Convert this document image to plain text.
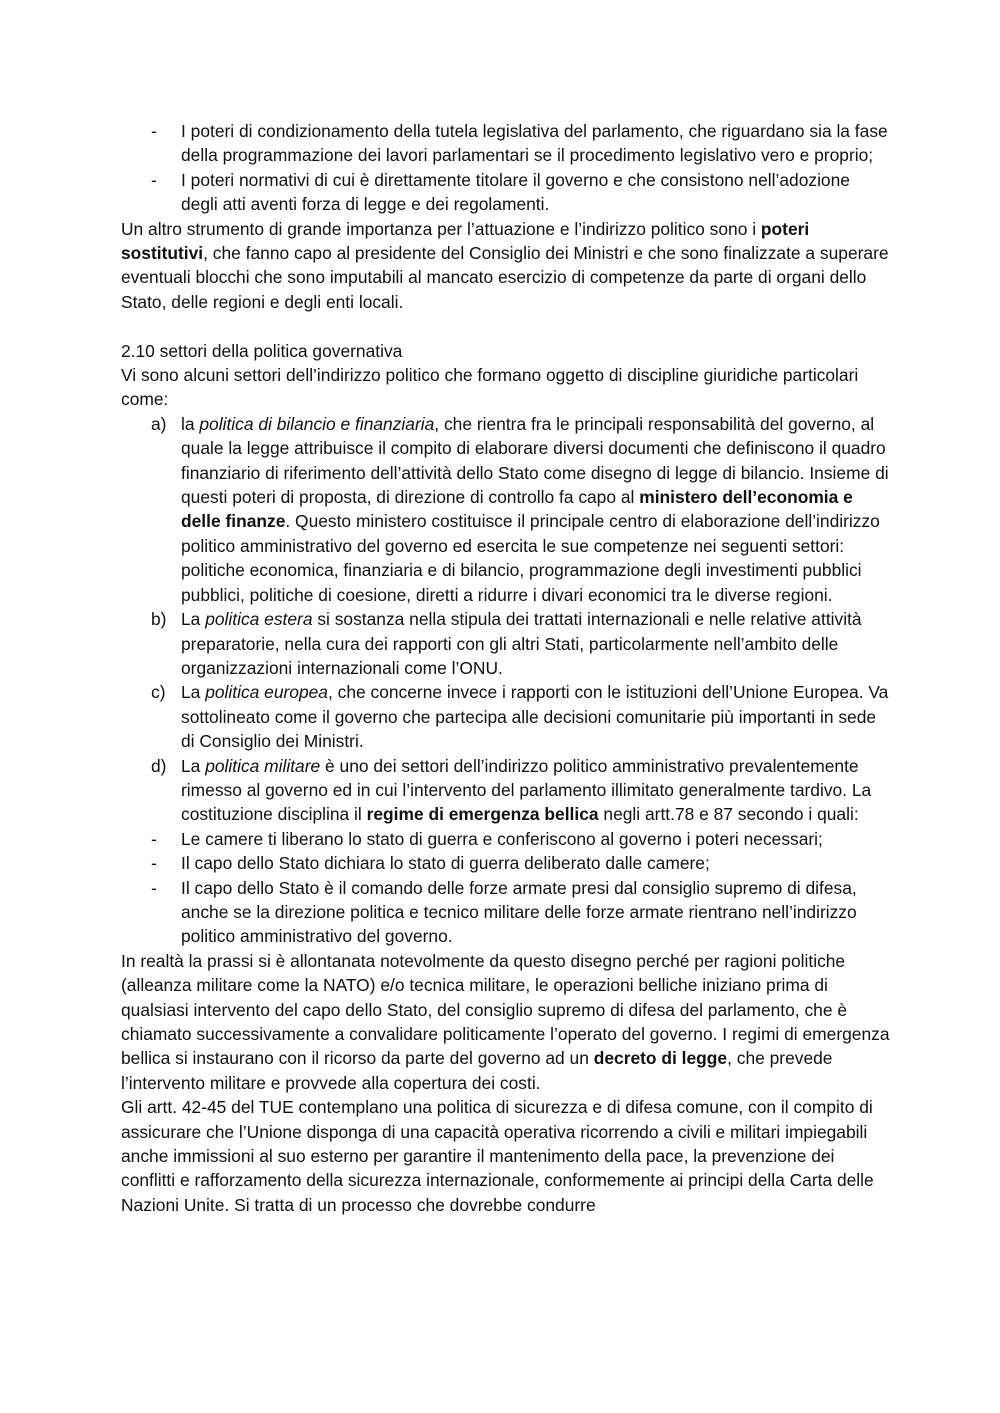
- I poteri di condizionamento della tutela legislativa del parlamento, che riguardano sia la fase della programmazione dei lavori parlamentari se il procedimento legislativo vero e proprio;
- I poteri normativi di cui è direttamente titolare il governo e che consistono nell’adozione degli atti aventi forza di legge e dei regolamenti.

Un altro strumento di grande importanza per l’attuazione e l’indirizzo politico sono i poteri sostitutivi, che fanno capo al presidente del Consiglio dei Ministri e che sono finalizzate a superare eventuali blocchi che sono imputabili al mancato esercizio di competenze da parte di organi dello Stato, delle regioni e degli enti locali.

2.10 settori della politica governativa

Vi sono alcuni settori dell’indirizzo politico che formano oggetto di discipline giuridiche particolari come:

a) la politica di bilancio e finanziaria, che rientra fra le principali responsabilità del governo, al quale la legge attribuisce il compito di elaborare diversi documenti che definiscono il quadro finanziario di riferimento dell’attività dello Stato come disegno di legge di bilancio. Insieme di questi poteri di proposta, di direzione di controllo fa capo al ministero dell’economia e delle finanze. Questo ministero costituisce il principale centro di elaborazione dell’indirizzo politico amministrativo del governo ed esercita le sue competenze nei seguenti settori: politiche economica, finanziaria e di bilancio, programmazione degli investimenti pubblici pubblici, politiche di coesione, diretti a ridurre i divari economici tra le diverse regioni.
b) La politica estera si sostanza nella stipula dei trattati internazionali e nelle relative attività preparatorie, nella cura dei rapporti con gli altri Stati, particolarmente nell’ambito delle organizzazioni internazionali come l’ONU.
c) La politica europea, che concerne invece i rapporti con le istituzioni dell’Unione Europea. Va sottolineato come il governo che partecipa alle decisioni comunitarie più importanti in sede di Consiglio dei Ministri.
d) La politica militare è uno dei settori dell’indirizzo politico amministrativo prevalentemente rimesso al governo ed in cui l’intervento del parlamento illimitato generalmente tardivo. La costituzione disciplina il regime di emergenza bellica negli artt.78 e 87 secondo i quali:
- Le camere ti liberano lo stato di guerra e conferiscono al governo i poteri necessari;
- Il capo dello Stato dichiara lo stato di guerra deliberato dalle camere;
- Il capo dello Stato è il comando delle forze armate presi dal consiglio supremo di difesa, anche se la direzione politica e tecnico militare delle forze armate rientrano nell’indirizzo politico amministrativo del governo.

In realtà la prassi si è allontanata notevolmente da questo disegno perché per ragioni politiche (alleanza militare come la NATO) e/o tecnica militare, le operazioni belliche iniziano prima di qualsiasi intervento del capo dello Stato, del consiglio supremo di difesa del parlamento, che è chiamato successivamente a convalidare politicamente l’operato del governo. I regimi di emergenza bellica si instaurano con il ricorso da parte del governo ad un decreto di legge, che prevede l’intervento militare e provvede alla copertura dei costi.

Gli artt. 42-45 del TUE contemplano una politica di sicurezza e di difesa comune, con il compito di assicurare che l’Unione disponga di una capacità operativa ricorrendo a civili e militari impiegabili anche immissioni al suo esterno per garantire il mantenimento della pace, la prevenzione dei conflitti e rafforzamento della sicurezza internazionale, conformemente ai principi della Carta delle Nazioni Unite. Si tratta di un processo che dovrebbe condurre
